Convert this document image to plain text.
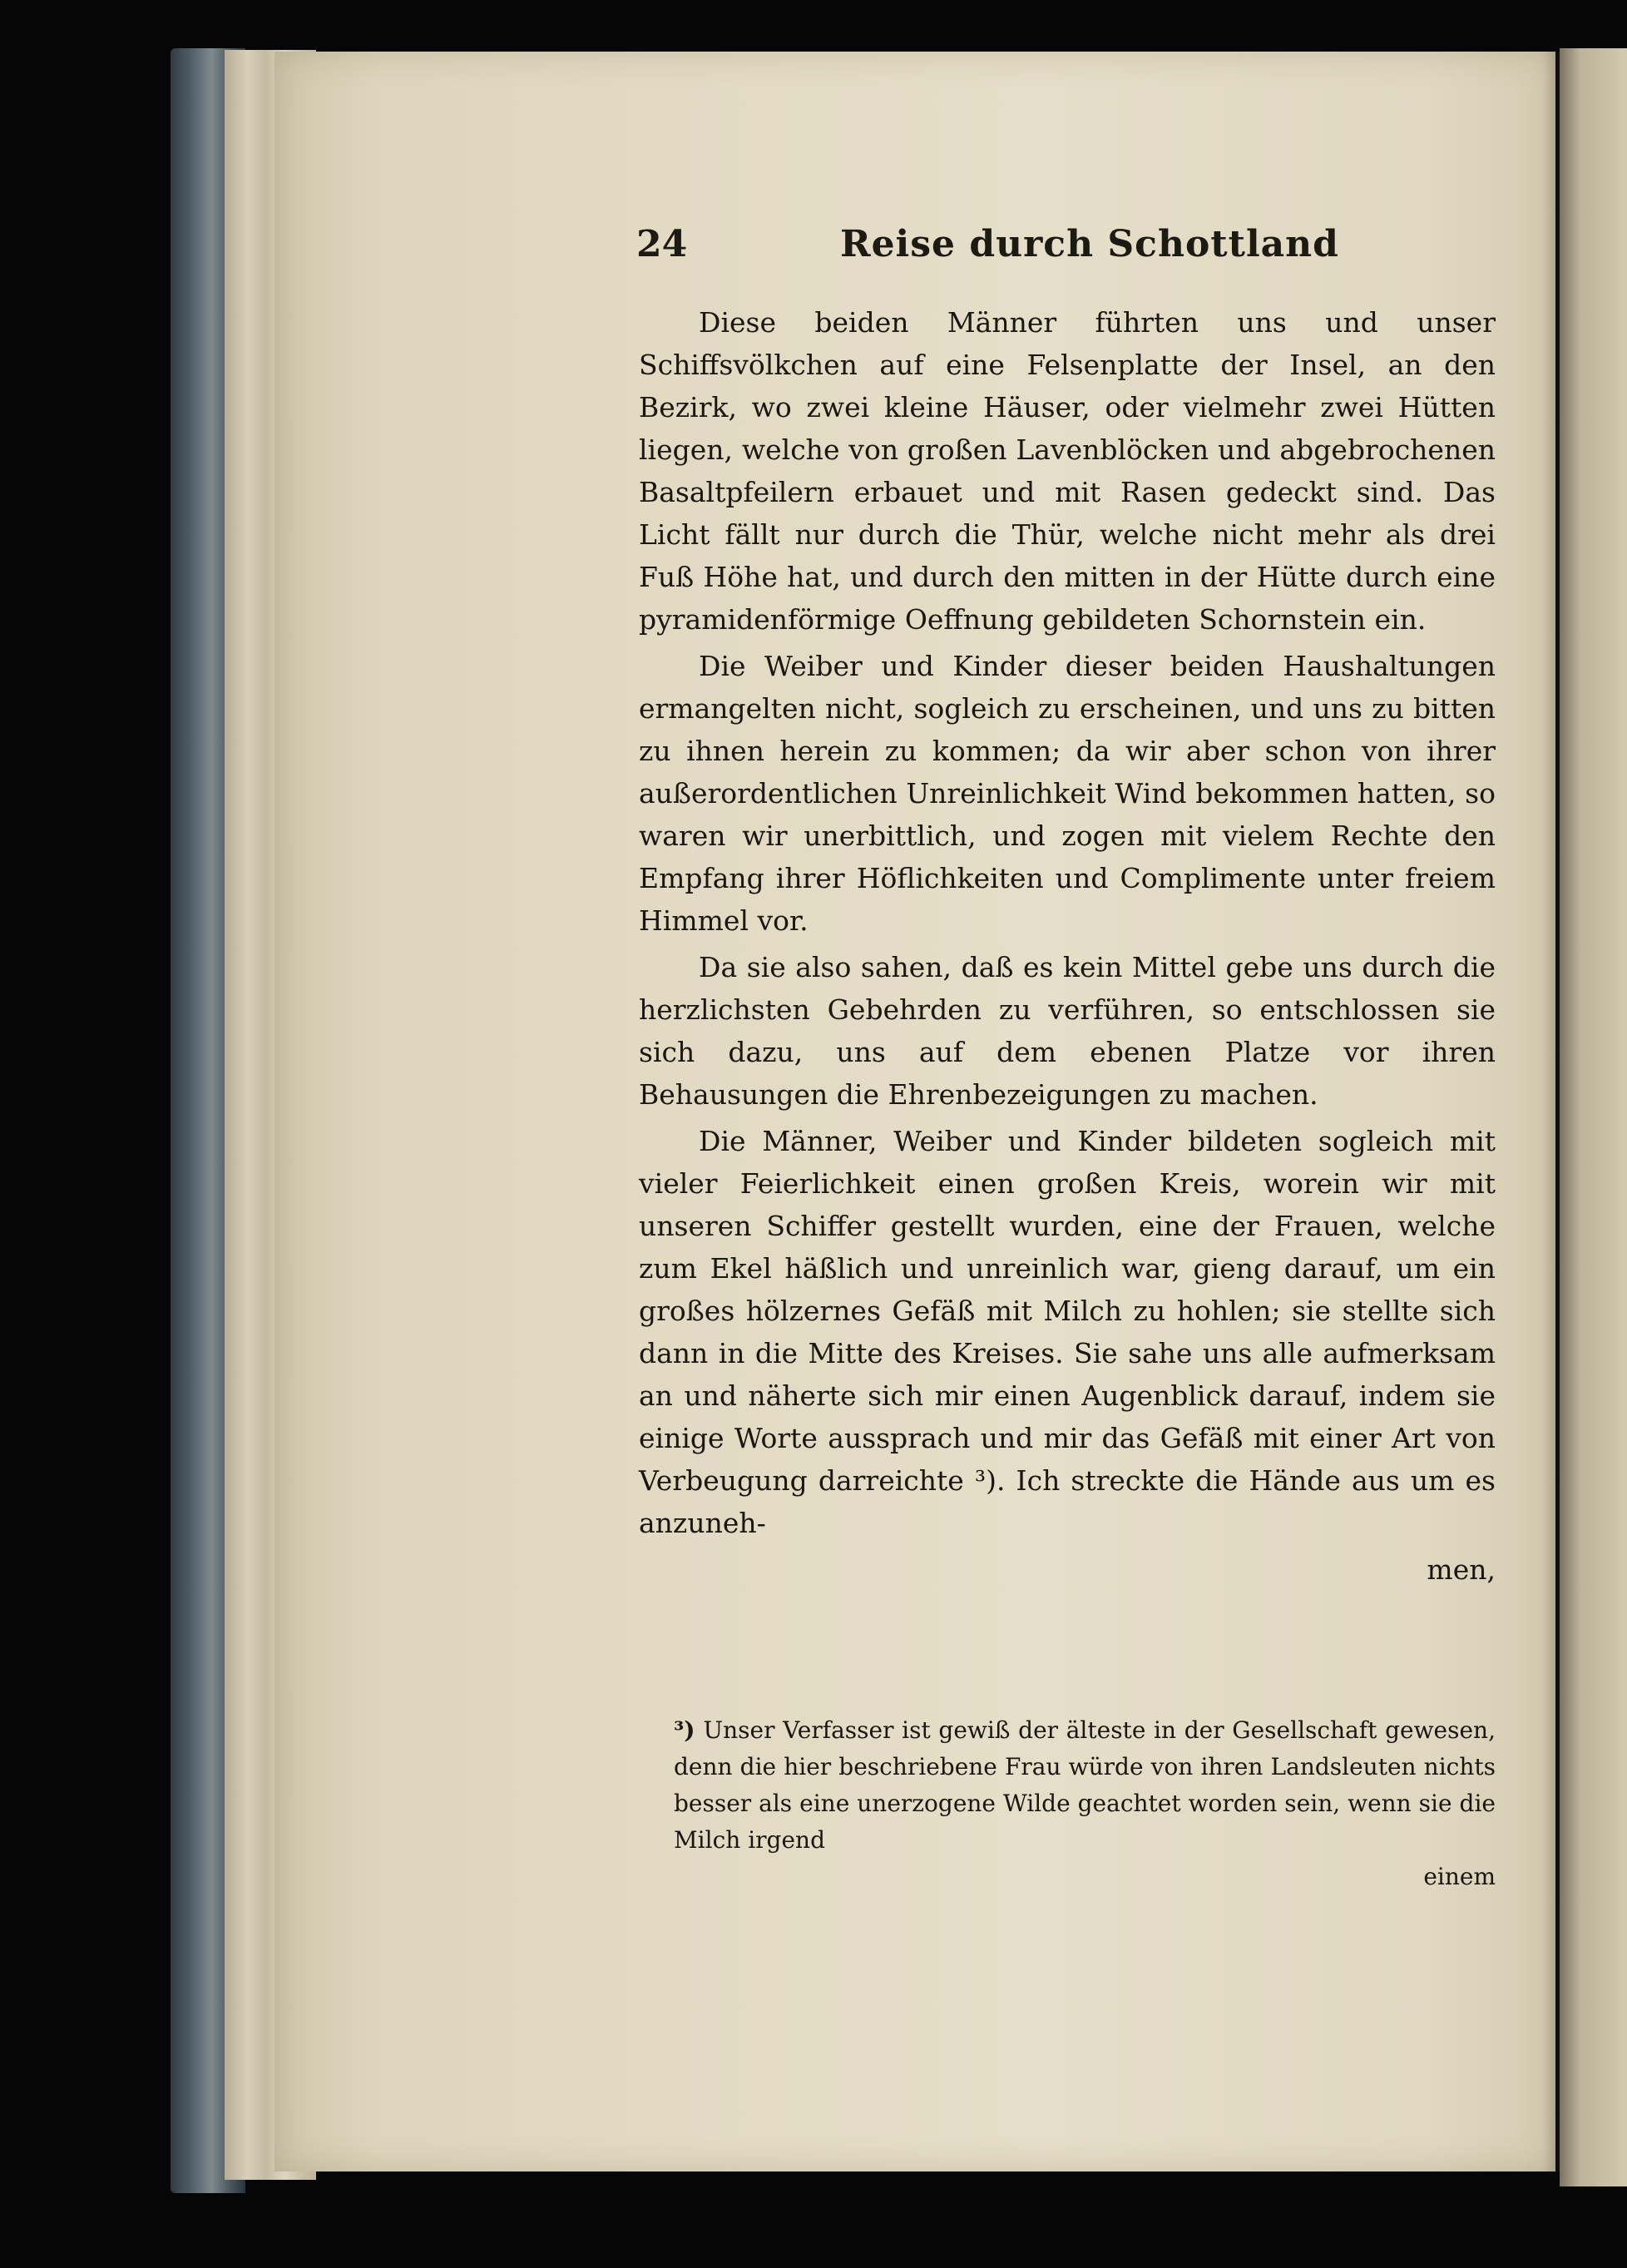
24	Reise durch Schottland

Diese beiden Männer führten uns und unser Schiffsvölkchen auf eine Felsenplatte der Insel, an den Bezirk, wo zwei kleine Häuser, oder vielmehr zwei Hütten liegen, welche von großen Lavenblöcken und abgebrochenen Basaltpfeilern erbauet und mit Rasen gedeckt sind. Das Licht fällt nur durch die Thür, welche nicht mehr als drei Fuß Höhe hat, und durch den mitten in der Hütte durch eine pyramidenförmige Oeffnung gebildeten Schornstein ein.

Die Weiber und Kinder dieser beiden Haushaltungen ermangelten nicht, sogleich zu erscheinen, und uns zu bitten zu ihnen herein zu kommen; da wir aber schon von ihrer außerordentlichen Unreinlichkeit Wind bekommen hatten, so waren wir unerbittlich, und zogen mit vielem Rechte den Empfang ihrer Höflichkeiten und Complimente unter freiem Himmel vor.

Da sie also sahen, daß es kein Mittel gebe uns durch die herzlichsten Gebehrden zu verführen, so entschlossen sie sich dazu, uns auf dem ebenen Platze vor ihren Behausungen die Ehrenbezeigungen zu machen.

Die Männer, Weiber und Kinder bildeten sogleich mit vieler Feierlichkeit einen großen Kreis, worein wir mit unseren Schiffer gestellt wurden, eine der Frauen, welche zum Ekel häßlich und unreinlich war, gieng darauf, um ein großes hölzernes Gefäß mit Milch zu hohlen; sie stellte sich dann in die Mitte des Kreises. Sie sahe uns alle aufmerksam an und näherte sich mir einen Augenblick darauf, indem sie einige Worte aussprach und mir das Gefäß mit einer Art von Verbeugung darreichte ³). Ich streckte die Hände aus um es anzuneh-

men,

³) Unser Verfasser ist gewiß der älteste in der Gesellschaft gewesen, denn die hier beschriebene Frau würde von ihren Landsleuten nichts besser als eine unerzogene Wilde geachtet worden sein, wenn sie die Milch irgend

einem
